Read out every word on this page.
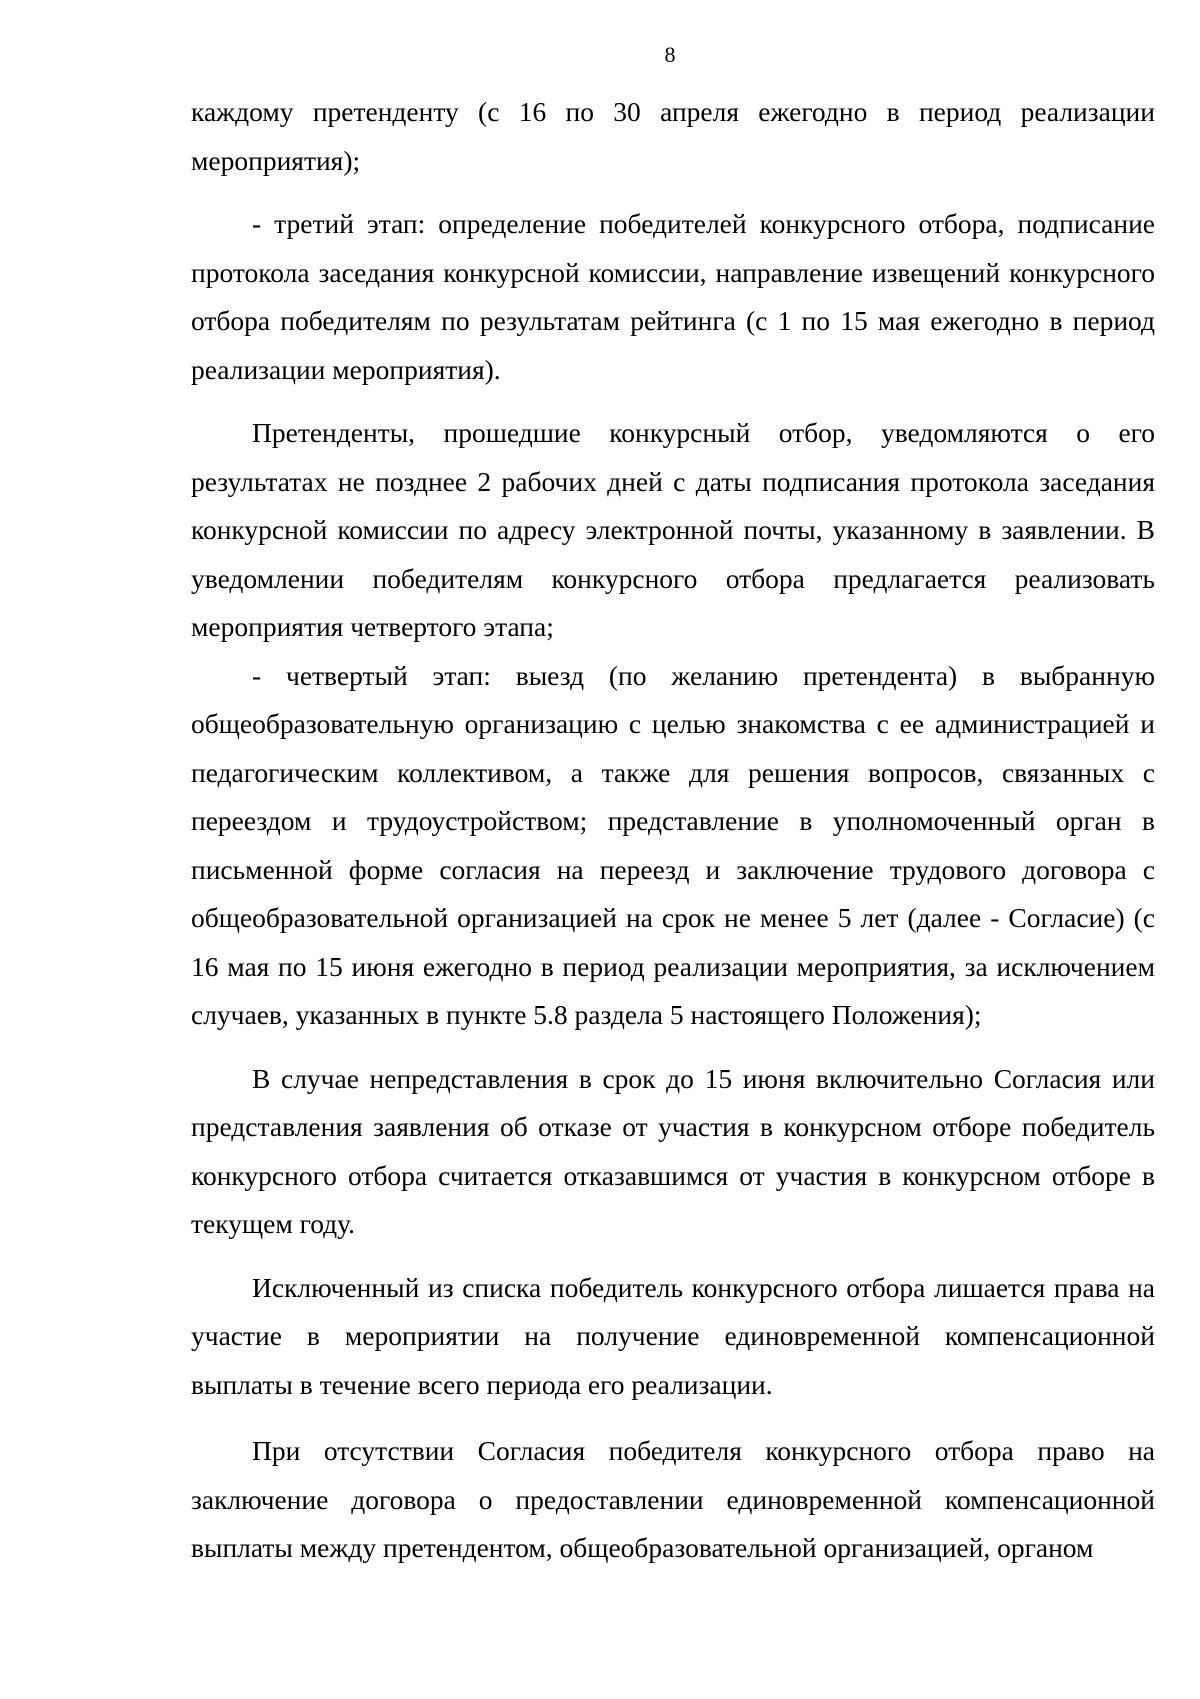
8

каждому претенденту (с 16 по 30 апреля ежегодно в период реализации мероприятия);

- третий этап: определение победителей конкурсного отбора, подписание протокола заседания конкурсной комиссии, направление извещений конкурсного отбора победителям по результатам рейтинга (с 1 по 15 мая ежегодно в период реализации мероприятия).

Претенденты, прошедшие конкурсный отбор, уведомляются о его результатах не позднее 2 рабочих дней с даты подписания протокола заседания конкурсной комиссии по адресу электронной почты, указанному в заявлении. В уведомлении победителям конкурсного отбора предлагается реализовать мероприятия четвертого этапа;

- четвертый этап: выезд (по желанию претендента) в выбранную общеобразовательную организацию с целью знакомства с ее администрацией и педагогическим коллективом, а также для решения вопросов, связанных с переездом и трудоустройством; представление в уполномоченный орган в письменной форме согласия на переезд и заключение трудового договора с общеобразовательной организацией на срок не менее 5 лет (далее - Согласие) (с 16 мая по 15 июня ежегодно в период реализации мероприятия, за исключением случаев, указанных в пункте 5.8 раздела 5 настоящего Положения);

В случае непредставления в срок до 15 июня включительно Согласия или представления заявления об отказе от участия в конкурсном отборе победитель конкурсного отбора считается отказавшимся от участия в конкурсном отборе в текущем году.

Исключенный из списка победитель конкурсного отбора лишается права на участие в мероприятии на получение единовременной компенсационной выплаты в течение всего периода его реализации.

При отсутствии Согласия победителя конкурсного отбора право на заключение договора о предоставлении единовременной компенсационной выплаты между претендентом, общеобразовательной организацией, органом
